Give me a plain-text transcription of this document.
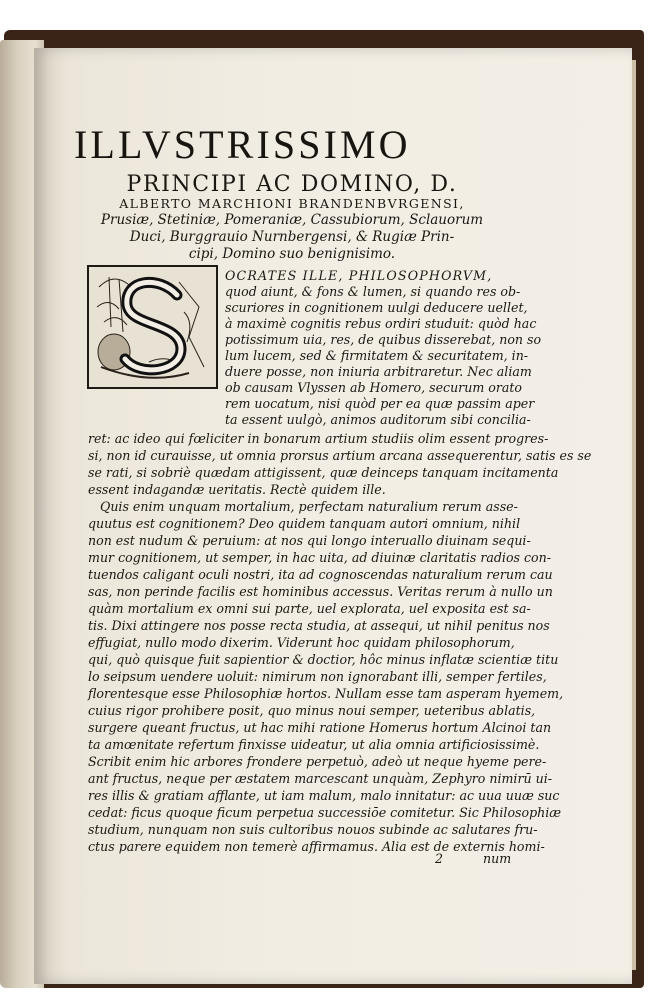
ILLVSTRISSIMO
PRINCIPI AC DOMINO, D.
ALBERTO MARCHIONI BRANDENBVRGENSI,
Prusiæ, Stetiniæ, Pomeraniæ, Cassubiorum, Sclauorum
Duci, Burggrauio Nurnbergensi, & Rugiæ Prin-
cipi, Domino suo benignisimo.
OCRATES ILLE, PHILOSOPHORVM,
quod aiunt, & fons & lumen, si quando res ob-
scuriores in cognitionem uulgi deducere uellet,
à maximè cognitis rebus ordiri studuit: quòd hac
potissimum uia, res, de quibus disserebat, non so
lum lucem, sed & firmitatem & securitatem, in-
duere posse, non iniuria arbitraretur. Nec aliam
ob causam Vlyssen ab Homero, securum orato
rem uocatum, nisi quòd per ea quæ passim aper
ta essent uulgò, animos auditorum sibi concilia-
ret: ac ideo qui fœliciter in bonarum artium studiis olim essent progres-
si, non id curauisse, ut omnia prorsus artium arcana assequerentur, satis es se
se rati, si sobriè quædam attigissent, quæ deinceps tanquam incitamenta
essent indagandæ ueritatis. Rectè quidem ille.
Quis enim unquam mortalium, perfectam naturalium rerum asse-
quutus est cognitionem? Deo quidem tanquam autori omnium, nihil
non est nudum & peruium: at nos qui longo interuallo diuinam sequi-
mur cognitionem, ut semper, in hac uita, ad diuinæ claritatis radios con-
tuendos caligant oculi nostri, ita ad cognoscendas naturalium rerum cau
sas, non perinde facilis est hominibus accessus. Veritas rerum à nullo un
quàm mortalium ex omni sui parte, uel explorata, uel exposita est sa-
tis. Dixi attingere nos posse recta studia, at assequi, ut nihil penitus nos
effugiat, nullo modo dixerim. Viderunt hoc quidam philosophorum,
qui, quò quisque fuit sapientior & doctior, hôc minus inflatæ scientiæ titu
lo seipsum uendere uoluit: nimirum non ignorabant illi, semper fertiles,
florentesque esse Philosophiæ hortos. Nullam esse tam asperam hyemem,
cuius rigor prohibere posit, quo minus noui semper, ueteribus ablatis,
surgere queant fructus, ut hac mihi ratione Homerus hortum Alcinoi tan
ta amœnitate refertum finxisse uideatur, ut alia omnia artificiosissimè.
Scribit enim hic arbores frondere perpetuò, adeò ut neque hyeme pere-
ant fructus, neque per æstatem marcescant unquàm, Zephyro nimirū ui-
res illis & gratiam afflante, ut iam malum, malo innitatur: ac uua uuæ suc
cedat: ficus quoque ficum perpetua successiōe comitetur. Sic Philosophiæ
studium, nunquam non suis cultoribus nouos subinde ac salutares fru-
ctus parere equidem non temerè affirmamus. Alia est de externis homi-
2	num
